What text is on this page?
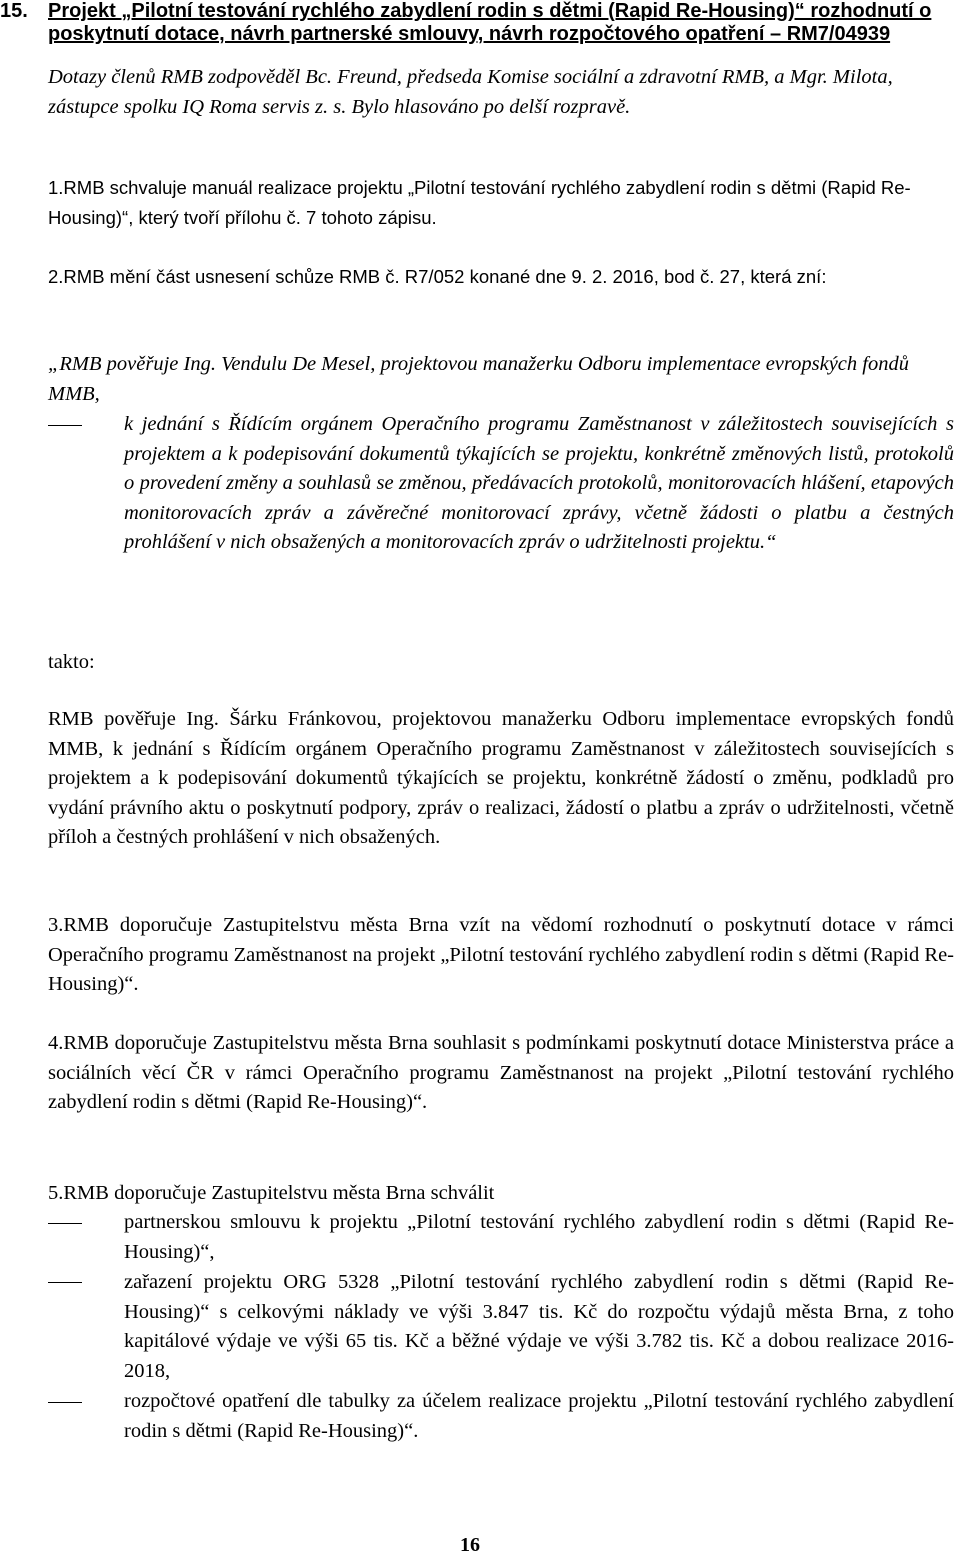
15. Projekt „Pilotní testování rychlého zabydlení rodin s dětmi (Rapid Re-Housing)“ rozhodnutí o poskytnutí dotace, návrh partnerské smlouvy, návrh rozpočtového opatření – RM7/04939
Dotazy členů RMB zodpověděl Bc. Freund, předseda Komise sociální a zdravotní RMB, a Mgr. Milota, zástupce spolku IQ Roma servis z. s. Bylo hlasováno po delší rozpravě.
1.RMB schvaluje manuál realizace projektu „Pilotní testování rychlého zabydlení rodin s dětmi (Rapid Re-Housing)“, který tvoří přílohu č. 7 tohoto zápisu.
2.RMB mění část usnesení schůze RMB č. R7/052 konané dne 9. 2. 2016, bod č. 27, která zní:
„RMB pověřuje Ing. Vendulu De Mesel, projektovou manažerku Odboru implementace evropských fondů MMB,
k jednání s Řídícím orgánem Operačního programu Zaměstnanost v záležitostech souvisejících s projektem a k podepisování dokumentů týkajících se projektu, konkrétně změnových listů, protokolů o provedení změny a souhlasů se změnou, předávacích protokolů, monitorovacích hlášení, etapových monitorovacích zpráv a závěrečné monitorovací zprávy, včetně žádosti o platbu a čestných prohlášení v nich obsažených a monitorovacích zpráv o udržitelnosti projektu.“
takto:
RMB pověřuje Ing. Šárku Fránkovou, projektovou manažerku Odboru implementace evropských fondů MMB, k jednání s Řídícím orgánem Operačního programu Zaměstnanost v záležitostech souvisejících s projektem a k podepisování dokumentů týkajících se projektu, konkrétně žádostí o změnu, podkladů pro vydání právního aktu o poskytnutí podpory, zpráv o realizaci, žádostí o platbu a zpráv o udržitelnosti, včetně příloh a čestných prohlášení v nich obsažených.
3.RMB doporučuje Zastupitelstvu města Brna vzít na vědomí rozhodnutí o poskytnutí dotace v rámci Operačního programu Zaměstnanost na projekt „Pilotní testování rychlého zabydlení rodin s dětmi (Rapid Re-Housing)“.
4.RMB doporučuje Zastupitelstvu města Brna souhlasit s podmínkami poskytnutí dotace Ministerstva práce a sociálních věcí ČR v rámci Operačního programu Zaměstnanost na projekt „Pilotní testování rychlého zabydlení rodin s dětmi (Rapid Re-Housing)“.
5.RMB doporučuje Zastupitelstvu města Brna schválit
partnerskou smlouvu k projektu „Pilotní testování rychlého zabydlení rodin s dětmi (Rapid Re-Housing)“,
zařazení projektu ORG 5328 „Pilotní testování rychlého zabydlení rodin s dětmi (Rapid Re-Housing)“ s celkovými náklady ve výši 3.847 tis. Kč do rozpočtu výdajů města Brna, z toho kapitálové výdaje ve výši 65 tis. Kč a běžné výdaje ve výši 3.782 tis. Kč a dobou realizace 2016-2018,
rozpočtové opatření dle tabulky za účelem realizace projektu „Pilotní testování rychlého zabydlení rodin s dětmi (Rapid Re-Housing)“.
16
